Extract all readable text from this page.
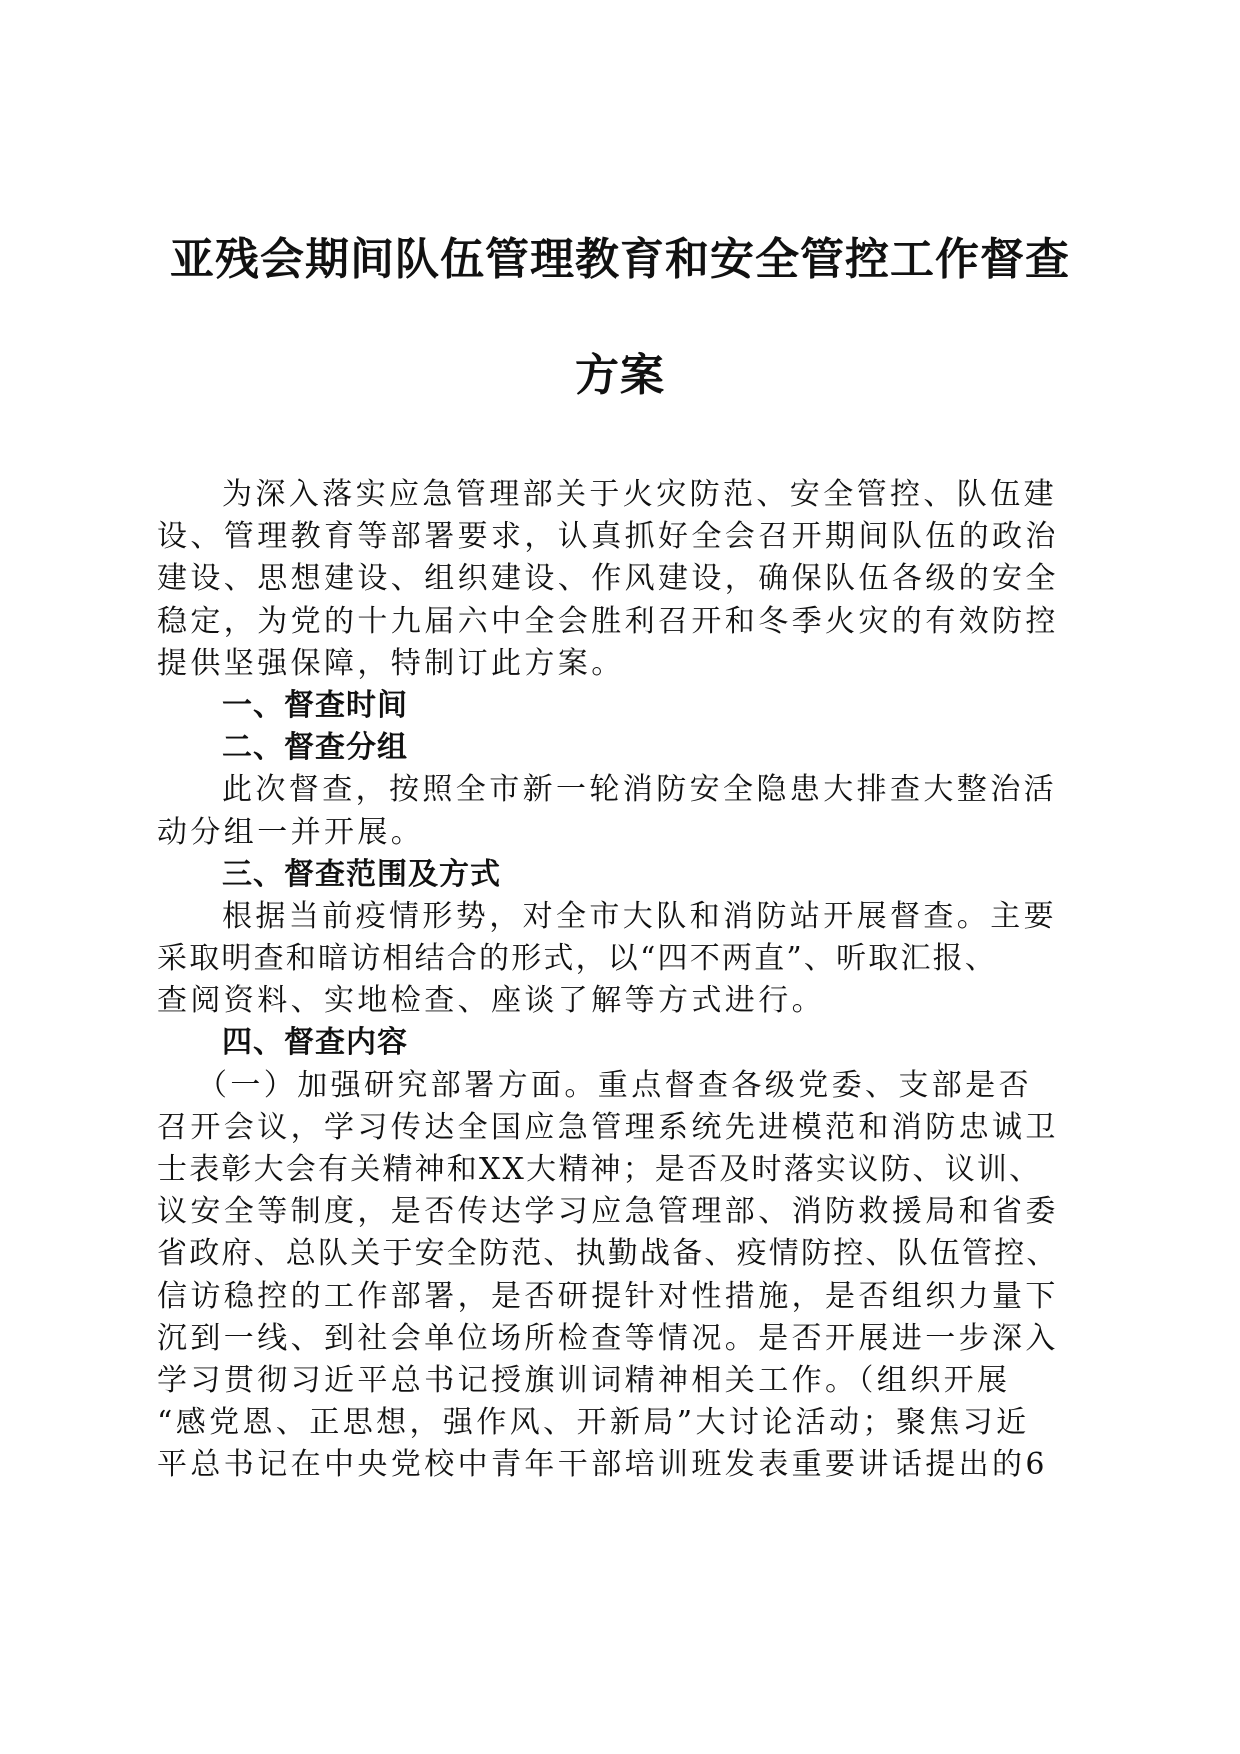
亚残会期间队伍管理教育和安全管控工作督查
方案
为深入落实应急管理部关于火灾防范、安全管控、队伍建
设、管理教育等部署要求，认真抓好全会召开期间队伍的政治
建设、思想建设、组织建设、作风建设，确保队伍各级的安全
稳定，为党的十九届六中全会胜利召开和冬季火灾的有效防控
提供坚强保障，特制订此方案。
一、督查时间
二、督查分组
此次督查，按照全市新一轮消防安全隐患大排查大整治活
动分组一并开展。
三、督查范围及方式
根据当前疫情形势，对全市大队和消防站开展督查。主要
采取明查和暗访相结合的形式，以“四不两直”、听取汇报、
查阅资料、实地检查、座谈了解等方式进行。
四、督查内容
（一）加强研究部署方面。重点督查各级党委、支部是否
召开会议，学习传达全国应急管理系统先进模范和消防忠诚卫
士表彰大会有关精神和XX大精神；是否及时落实议防、议训、
议安全等制度，是否传达学习应急管理部、消防救援局和省委
省政府、总队关于安全防范、执勤战备、疫情防控、队伍管控、
信访稳控的工作部署，是否研提针对性措施，是否组织力量下
沉到一线、到社会单位场所检查等情况。是否开展进一步深入
学习贯彻习近平总书记授旗训词精神相关工作。（组织开展
“感党恩、正思想，强作风、开新局”大讨论活动；聚焦习近
平总书记在中央党校中青年干部培训班发表重要讲话提出的6
